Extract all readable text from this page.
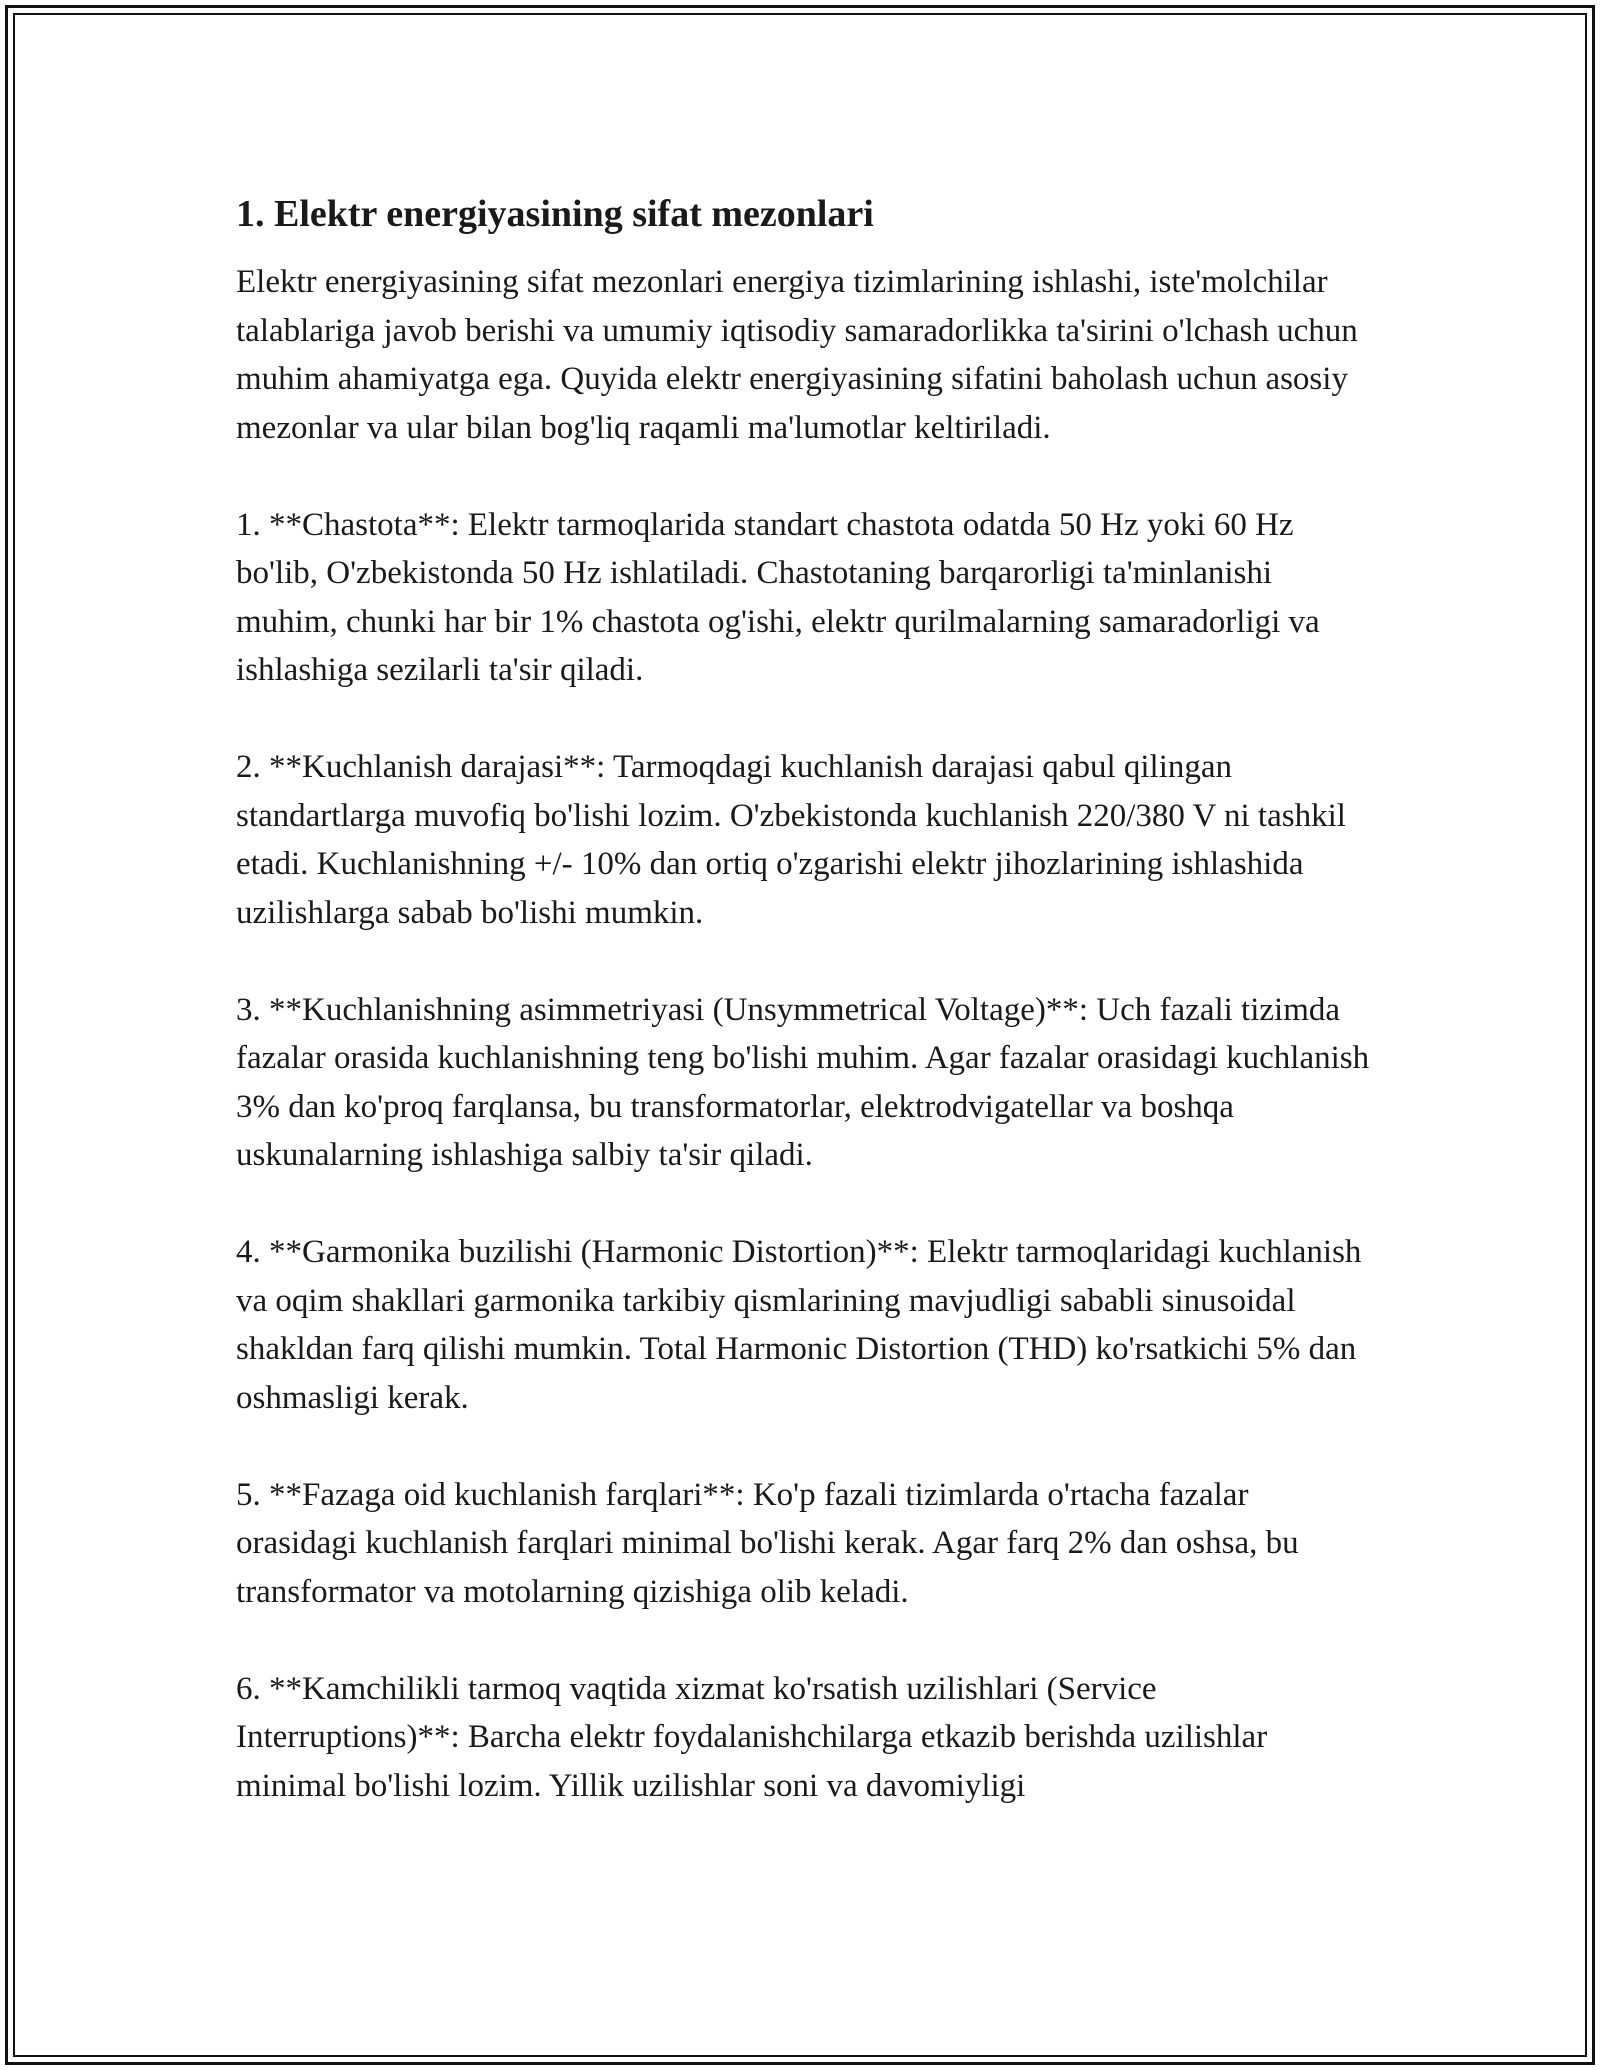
1. Elektr energiyasining sifat mezonlari

Elektr energiyasining sifat mezonlari energiya tizimlarining ishlashi, iste'molchilar talablariga javob berishi va umumiy iqtisodiy samaradorlikka ta'sirini o'lchash uchun muhim ahamiyatga ega. Quyida elektr energiyasining sifatini baholash uchun asosiy mezonlar va ular bilan bog'liq raqamli ma'lumotlar keltiriladi.

1. **Chastota**: Elektr tarmoqlarida standart chastota odatda 50 Hz yoki 60 Hz bo'lib, O'zbekistonda 50 Hz ishlatiladi. Chastotaning barqarorligi ta'minlanishi muhim, chunki har bir 1% chastota og'ishi, elektr qurilmalarning samaradorligi va ishlashiga sezilarli ta'sir qiladi.

2. **Kuchlanish darajasi**: Tarmoqdagi kuchlanish darajasi qabul qilingan standartlarga muvofiq bo'lishi lozim. O'zbekistonda kuchlanish 220/380 V ni tashkil etadi. Kuchlanishning +/- 10% dan ortiq o'zgarishi elektr jihozlarining ishlashida uzilishlarga sabab bo'lishi mumkin.

3. **Kuchlanishning asimmetriyasi (Unsymmetrical Voltage)**: Uch fazali tizimda fazalar orasida kuchlanishning teng bo'lishi muhim. Agar fazalar orasidagi kuchlanish 3% dan ko'proq farqlansa, bu transformatorlar, elektrodvigatellar va boshqa uskunalarning ishlashiga salbiy ta'sir qiladi.

4. **Garmonika buzilishi (Harmonic Distortion)**: Elektr tarmoqlaridagi kuchlanish va oqim shakllari garmonika tarkibiy qismlarining mavjudligi sababli sinusoidal shakldan farq qilishi mumkin. Total Harmonic Distortion (THD) ko'rsatkichi 5% dan oshmasligi kerak.

5. **Fazaga oid kuchlanish farqlari**: Ko'p fazali tizimlarda o'rtacha fazalar orasidagi kuchlanish farqlari minimal bo'lishi kerak. Agar farq 2% dan oshsa, bu transformator va motolarning qizishiga olib keladi.

6. **Kamchilikli tarmoq vaqtida xizmat ko'rsatish uzilishlari (Service Interruptions)**: Barcha elektr foydalanishchilarga etkazib berishda uzilishlar minimal bo'lishi lozim. Yillik uzilishlar soni va davomiyligi
